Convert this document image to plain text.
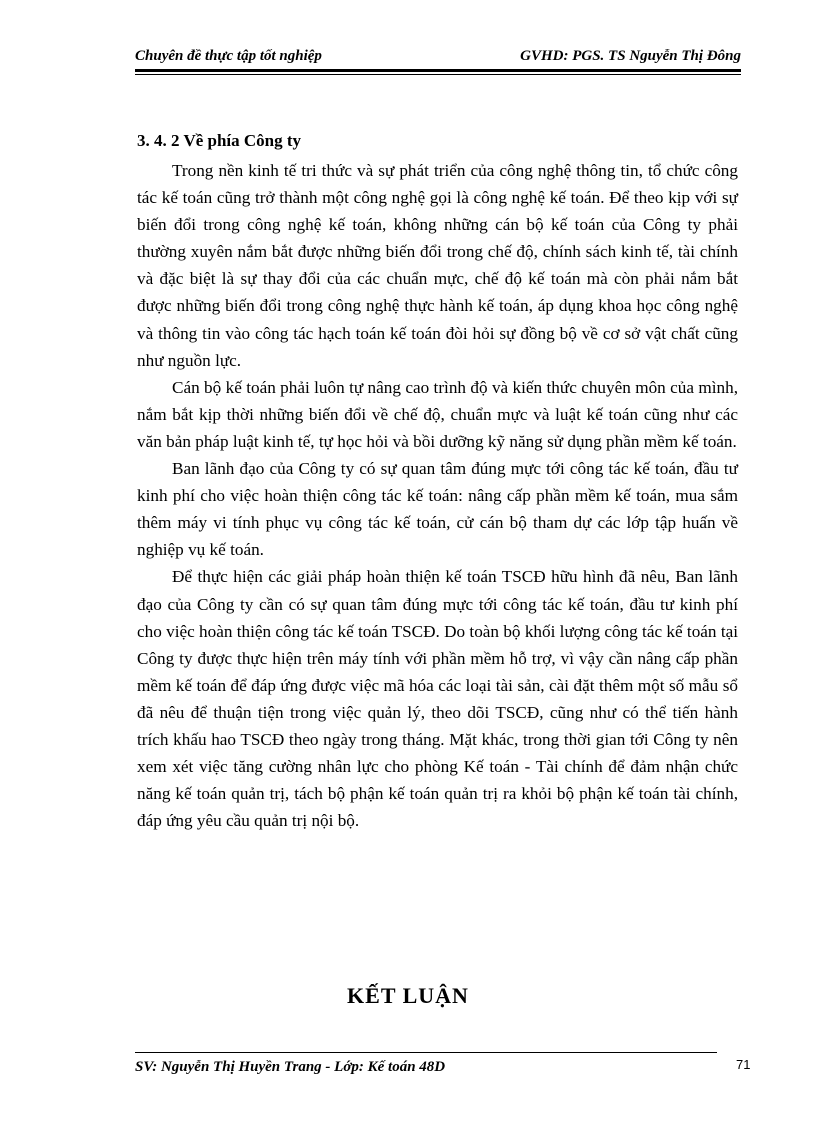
Chuyên đề thực tập tốt nghiệp	GVHD: PGS. TS Nguyễn Thị Đông
3. 4. 2 Về phía Công ty

Trong nền kinh tế tri thức và sự phát triển của công nghệ thông tin, tổ chức công tác kế toán cũng trở thành một công nghệ gọi là công nghệ kế toán. Để theo kịp với sự biến đổi trong công nghệ kế toán, không những cán bộ kế toán của Công ty phải thường xuyên nắm bắt được những biến đổi trong chế độ, chính sách kinh tế, tài chính và đặc biệt là sự thay đổi của các chuẩn mực, chế độ kế toán mà còn phải nắm bắt được những biến đổi trong công nghệ thực hành kế toán, áp dụng khoa học công nghệ và thông tin vào công tác hạch toán kế toán đòi hỏi sự đồng bộ về cơ sở vật chất cũng như nguồn lực.

Cán bộ kế toán phải luôn tự nâng cao trình độ và kiến thức chuyên môn của mình, nắm bắt kịp thời những biến đổi về chế độ, chuẩn mực và luật kế toán cũng như các văn bản pháp luật kinh tế, tự học hỏi và bồi dưỡng kỹ năng sử dụng phần mềm kế toán.

Ban lãnh đạo của Công ty có sự quan tâm đúng mực tới công tác kế toán, đầu tư kinh phí cho việc hoàn thiện công tác kế toán: nâng cấp phần mềm kế toán, mua sắm thêm máy vi tính phục vụ công tác kế toán, cử cán bộ tham dự các lớp tập huấn về nghiệp vụ kế toán.

Để thực hiện các giải pháp hoàn thiện kế toán TSCĐ hữu hình đã nêu, Ban lãnh đạo của Công ty cần có sự quan tâm đúng mực tới công tác kế toán, đầu tư kinh phí cho việc hoàn thiện công tác kế toán TSCĐ. Do toàn bộ khối lượng công tác kế toán tại Công ty được thực hiện trên máy tính với phần mềm hỗ trợ, vì vậy cần nâng cấp phần mềm kế toán để đáp ứng được việc mã hóa các loại tài sản, cài đặt thêm một số mẫu sổ đã nêu để thuận tiện trong việc quản lý, theo dõi TSCĐ, cũng như có thể tiến hành trích khấu hao TSCĐ theo ngày trong tháng. Mặt khác, trong thời gian tới Công ty nên xem xét việc tăng cường nhân lực cho phòng Kế toán - Tài chính để đảm nhận chức năng kế toán quản trị, tách bộ phận kế toán quản trị ra khỏi bộ phận kế toán tài chính, đáp ứng yêu cầu quản trị nội bộ.

KẾT LUẬN
SV: Nguyễn Thị Huyền Trang - Lớp: Kế toán 48D	71
